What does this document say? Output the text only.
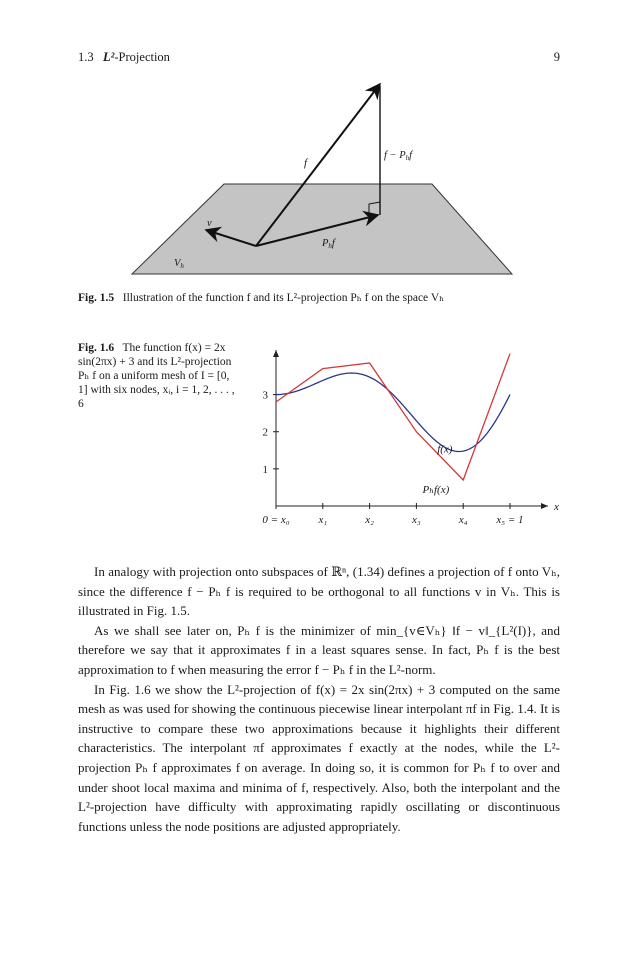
1.3 L²-Projection	9
f
f − Phf
v
Phf
Vh
Fig. 1.5 Illustration of the function f and its L²-projection Pₕ f on the space Vₕ
Fig. 1.6 The function f(x) = 2x sin(2πx) + 3 and its L²-projection Pₕ f on a uniform mesh of I = [0, 1] with six nodes, xᵢ, i = 1, 2, . . . , 6
x
0 = x₀	x₁	x₂	x₃	x₄	x₅ = 1
1
2
3
f(x)
Pₕf(x)

In analogy with projection onto subspaces of ℝⁿ, (1.34) defines a projection of f onto Vₕ, since the difference f − Pₕ f is required to be orthogonal to all functions v in Vₕ. This is illustrated in Fig. 1.5.

As we shall see later on, Pₕ f is the minimizer of min_{v∈Vₕ} ‖f − v‖_{L²(I)}, and therefore we say that it approximates f in a least squares sense. In fact, Pₕ f is the best approximation to f when measuring the error f − Pₕ f in the L²-norm.

In Fig. 1.6 we show the L²-projection of f(x) = 2x sin(2πx) + 3 computed on the same mesh as was used for showing the continuous piecewise linear interpolant πf in Fig. 1.4. It is instructive to compare these two approximations because it highlights their different characteristics. The interpolant πf approximates f exactly at the nodes, while the L²-projection Pₕ f approximates f on average. In doing so, it is common for Pₕ f to over and under shoot local maxima and minima of f, respectively. Also, both the interpolant and the L²-projection have difficulty with approximating rapidly oscillating or discontinuous functions unless the node positions are adjusted appropriately.
